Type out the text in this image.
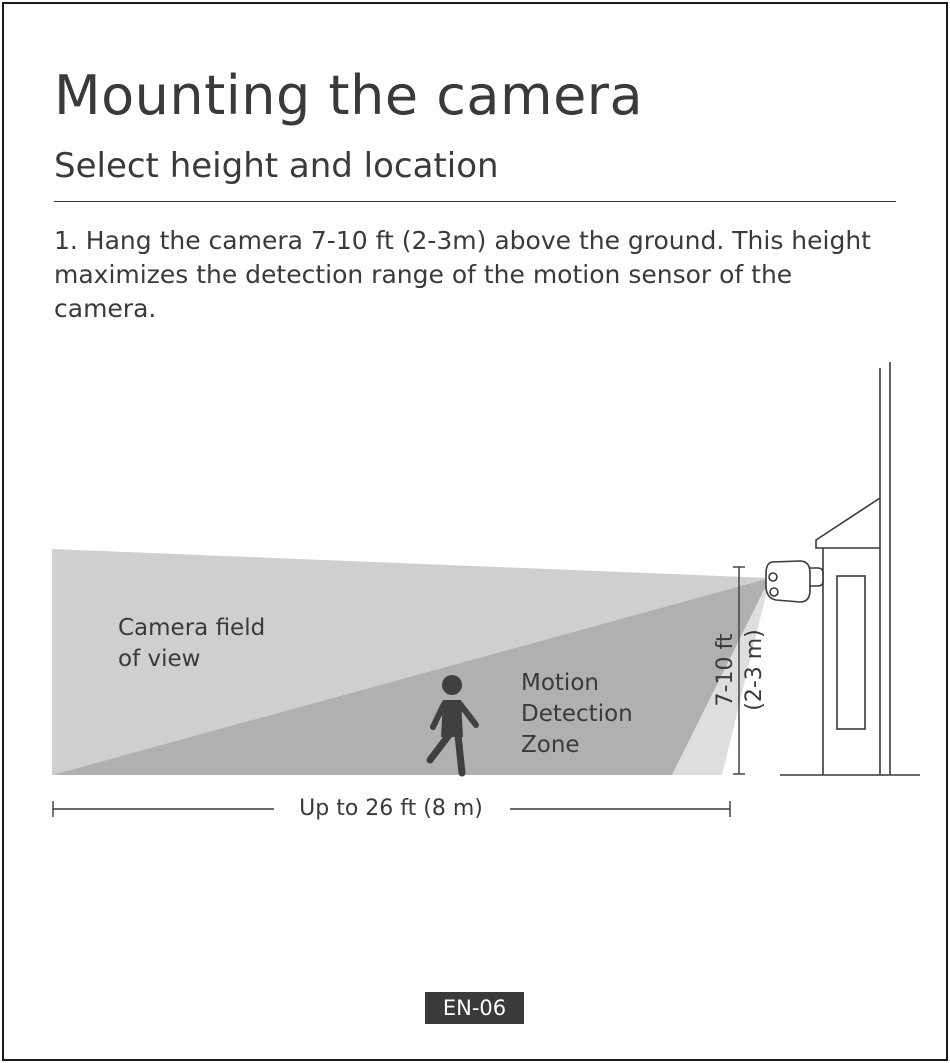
Mounting the camera
Select height and location

1. Hang the camera 7-10 ft (2-3m) above the ground. This height maximizes the detection range of the motion sensor of the camera.

7-10 ft (2-3 m)
Camera field
of view
Motion
Detection
Zone
Up to 26 ft (8 m)
EN-06
